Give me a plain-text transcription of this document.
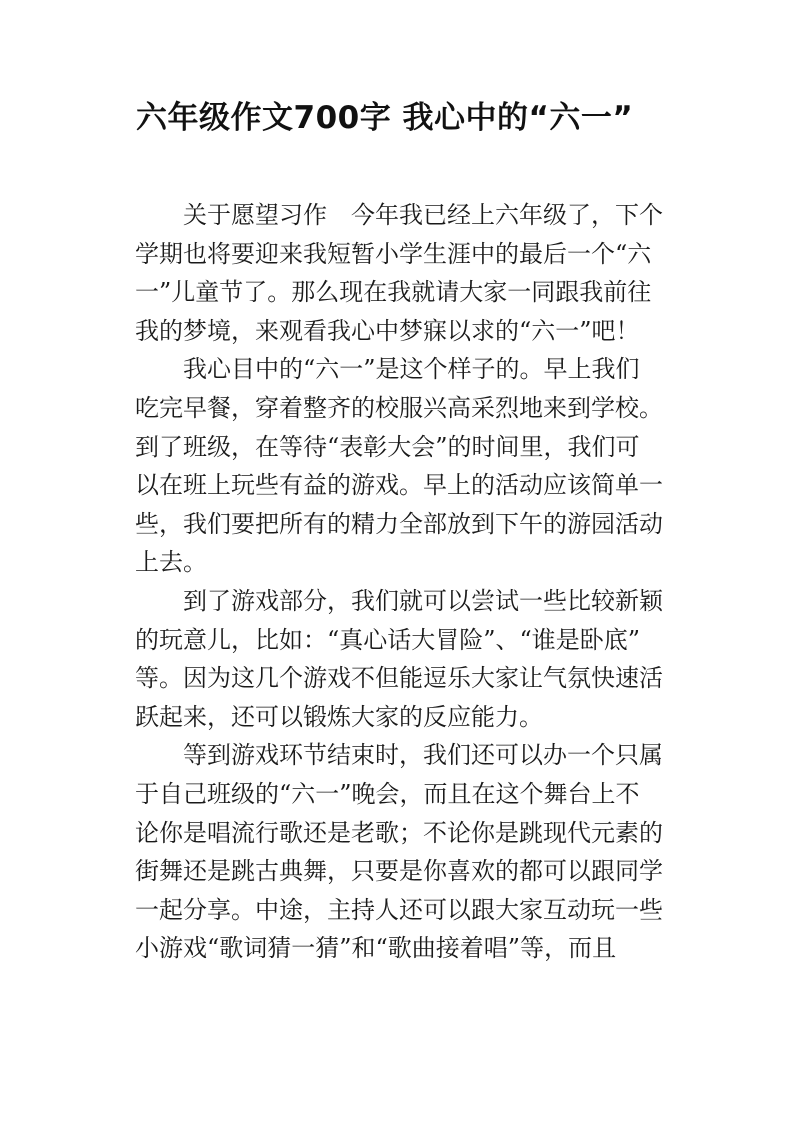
六年级作文700字 我心中的“六一”

关于愿望习作　今年我已经上六年级了，下个
学期也将要迎来我短暂小学生涯中的最后一个“六
一”儿童节了。那么现在我就请大家一同跟我前往
我的梦境，来观看我心中梦寐以求的“六一”吧！

我心目中的“六一”是这个样子的。早上我们
吃完早餐，穿着整齐的校服兴高采烈地来到学校。
到了班级，在等待“表彰大会”的时间里，我们可
以在班上玩些有益的游戏。早上的活动应该简单一
些，我们要把所有的精力全部放到下午的游园活动
上去。

到了游戏部分，我们就可以尝试一些比较新颖
的玩意儿，比如：“真心话大冒险”、“谁是卧底”
等。因为这几个游戏不但能逗乐大家让气氛快速活
跃起来，还可以锻炼大家的反应能力。

等到游戏环节结束时，我们还可以办一个只属
于自己班级的“六一”晚会，而且在这个舞台上不
论你是唱流行歌还是老歌；不论你是跳现代元素的
街舞还是跳古典舞，只要是你喜欢的都可以跟同学
一起分享。中途，主持人还可以跟大家互动玩一些
小游戏“歌词猜一猜”和“歌曲接着唱”等，而且
